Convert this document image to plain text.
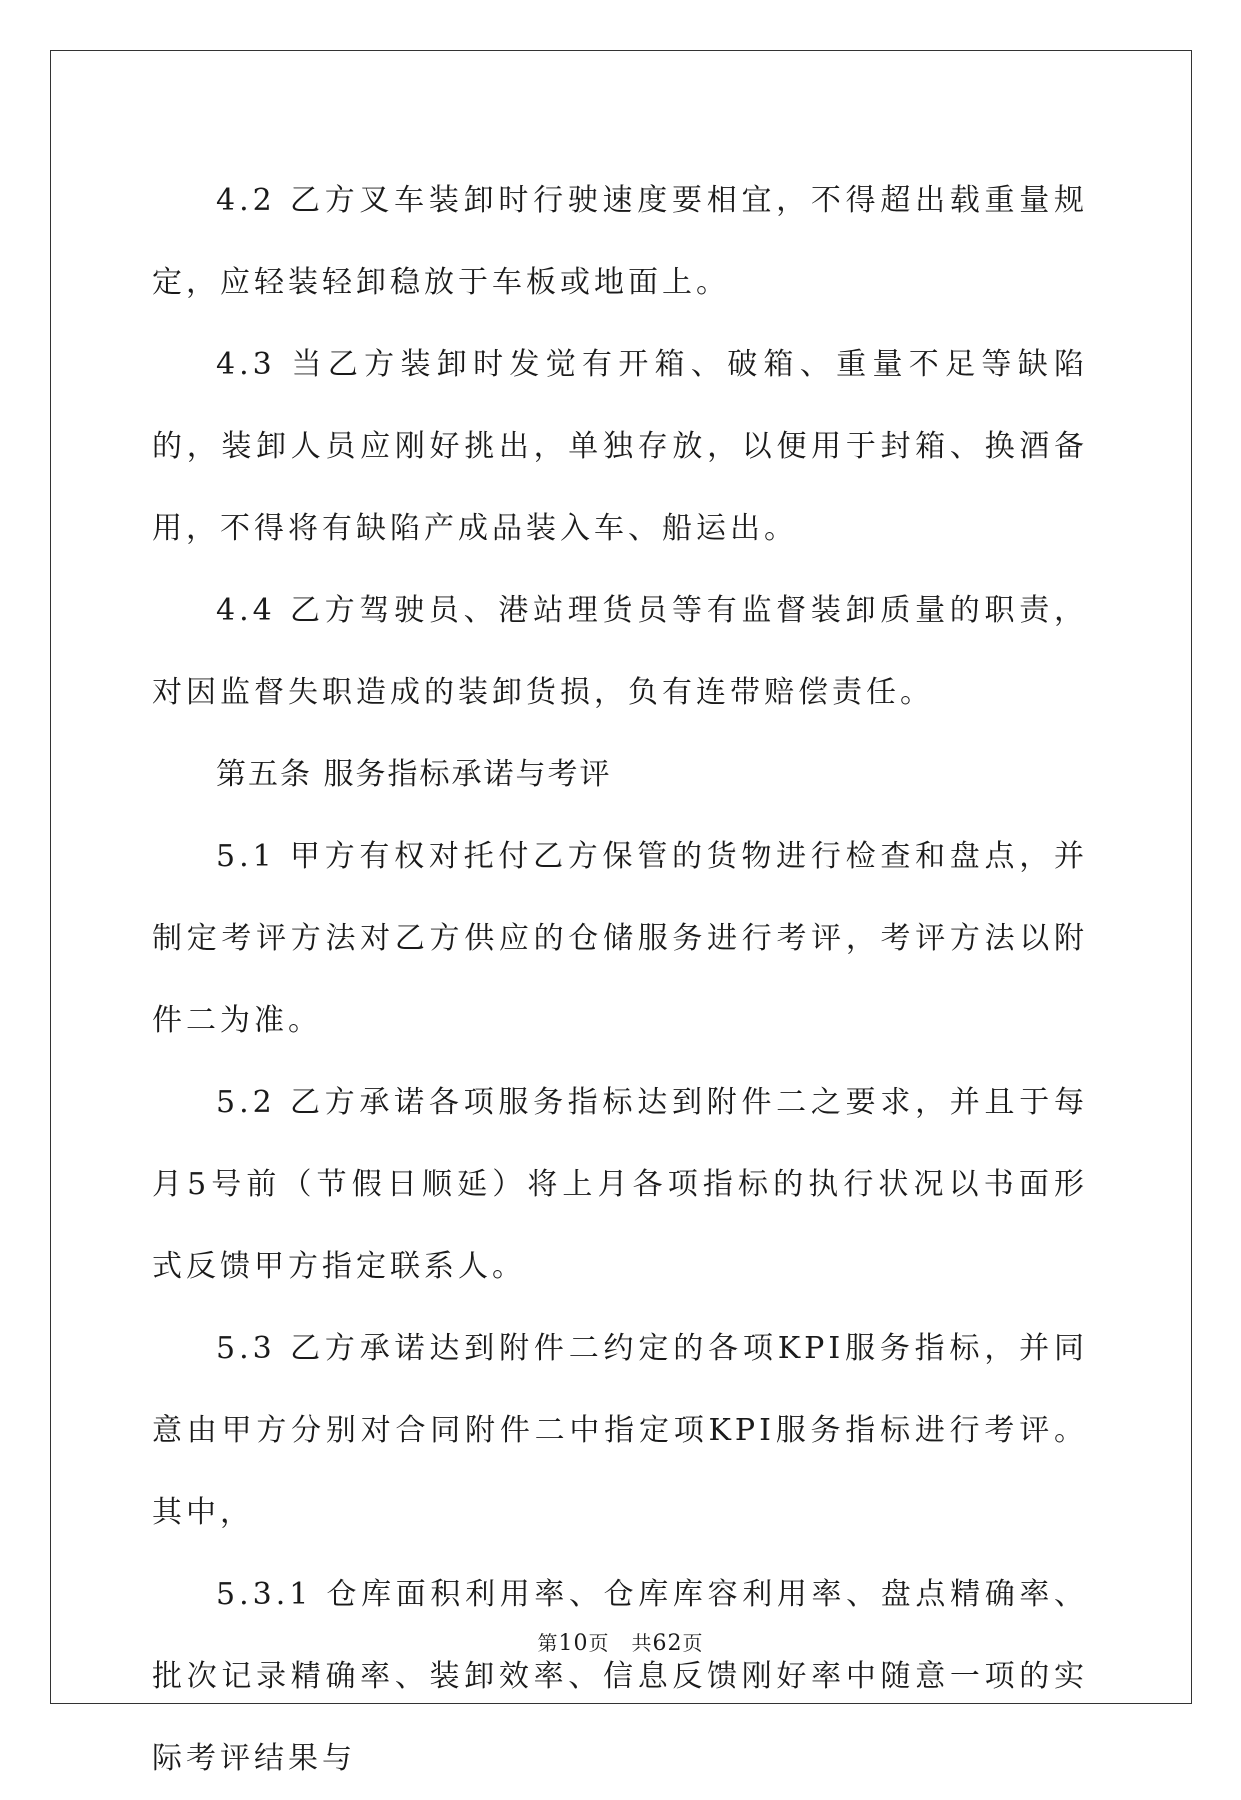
4.2 乙方叉车装卸时行驶速度要相宜，不得超出载重量规定，应轻装轻卸稳放于车板或地面上。

4.3 当乙方装卸时发觉有开箱、破箱、重量不足等缺陷的，装卸人员应刚好挑出，单独存放，以便用于封箱、换酒备用，不得将有缺陷产成品装入车、船运出。

4.4 乙方驾驶员、港站理货员等有监督装卸质量的职责，对因监督失职造成的装卸货损，负有连带赔偿责任。

第五条 服务指标承诺与考评

5.1 甲方有权对托付乙方保管的货物进行检查和盘点，并制定考评方法对乙方供应的仓储服务进行考评，考评方法以附件二为准。

5.2 乙方承诺各项服务指标达到附件二之要求，并且于每月5号前（节假日顺延）将上月各项指标的执行状况以书面形式反馈甲方指定联系人。

5.3 乙方承诺达到附件二约定的各项KPI服务指标，并同意由甲方分别对合同附件二中指定项KPI服务指标进行考评。其中，

5.3.1 仓库面积利用率、仓库库容利用率、盘点精确率、批次记录精确率、装卸效率、信息反馈刚好率中随意一项的实际考评结果与

第10页 共62页
